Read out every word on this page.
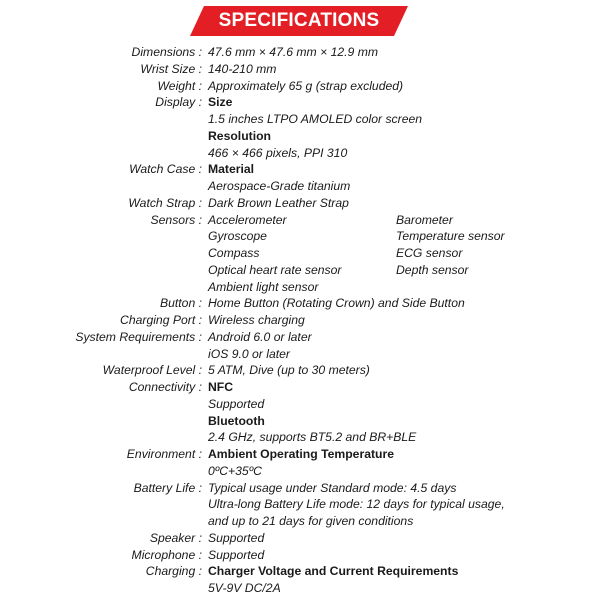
SPECIFICATIONS
Dimensions : 47.6 mm × 47.6 mm × 12.9 mm
Wrist Size : 140-210 mm
Weight : Approximately 65 g (strap excluded)
Display : Size
1.5 inches LTPO AMOLED color screen
Resolution
466 × 466 pixels, PPI 310
Watch Case : Material
Aerospace-Grade titanium
Watch Strap : Dark Brown Leather Strap
Sensors : Accelerometer	Barometer
Gyroscope	Temperature sensor
Compass	ECG sensor
Optical heart rate sensor	Depth sensor
Ambient light sensor
Button : Home Button (Rotating Crown) and Side Button
Charging Port : Wireless charging
System Requirements : Android 6.0 or later
iOS 9.0 or later
Waterproof Level : 5 ATM, Dive (up to 30 meters)
Connectivity : NFC
Supported
Bluetooth
2.4 GHz, supports BT5.2 and BR+BLE
Environment : Ambient Operating Temperature
0ºC+35ºC
Battery Life : Typical usage under Standard mode: 4.5 days
Ultra-long Battery Life mode: 12 days for typical usage,
and up to 21 days for given conditions
Speaker : Supported
Microphone : Supported
Charging : Charger Voltage and Current Requirements
5V-9V DC/2A
